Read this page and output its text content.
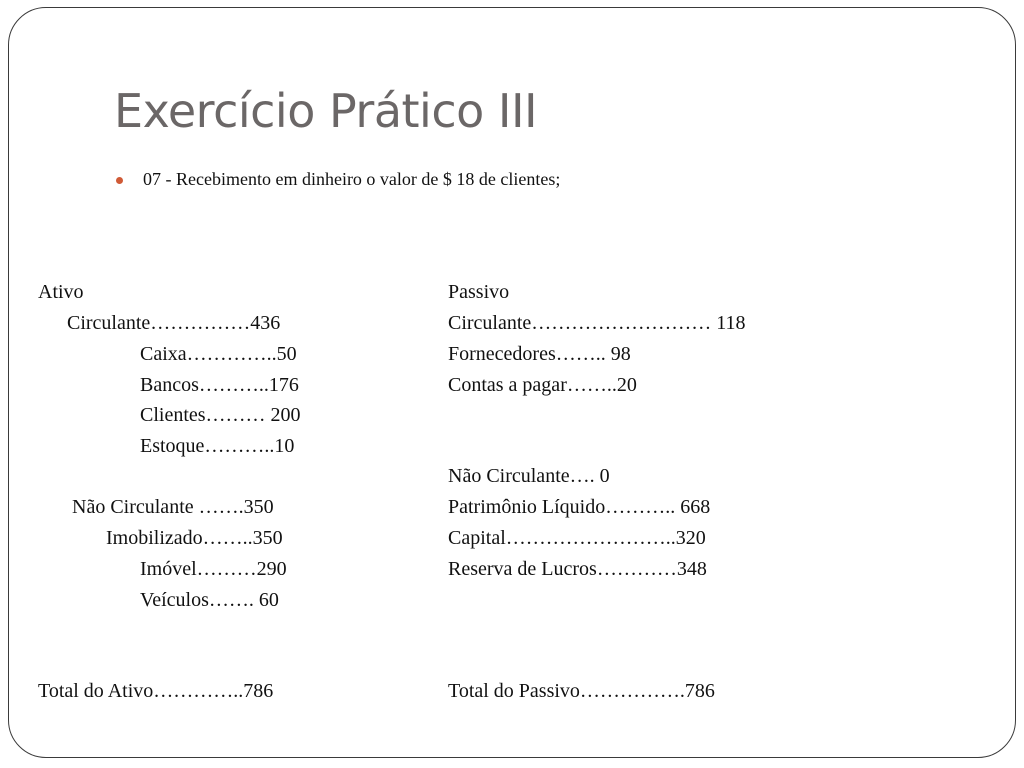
Exercício Prático III
07 - Recebimento em dinheiro o valor de $ 18 de clientes;
Ativo
Circulante……………436
Caixa…………..50
Bancos………..176
Clientes……… 200
Estoque………..10
Não Circulante …….350
Imobilizado……..350
Imóvel………290
Veículos……. 60
Total do Ativo…………..786
Passivo
Circulante……………………… 118
Fornecedores…….. 98
Contas a pagar……..20
Não Circulante…. 0
Patrimônio Líquido……….. 668
Capital……………………..320
Reserva de Lucros…………348
Total do Passivo…………….786
